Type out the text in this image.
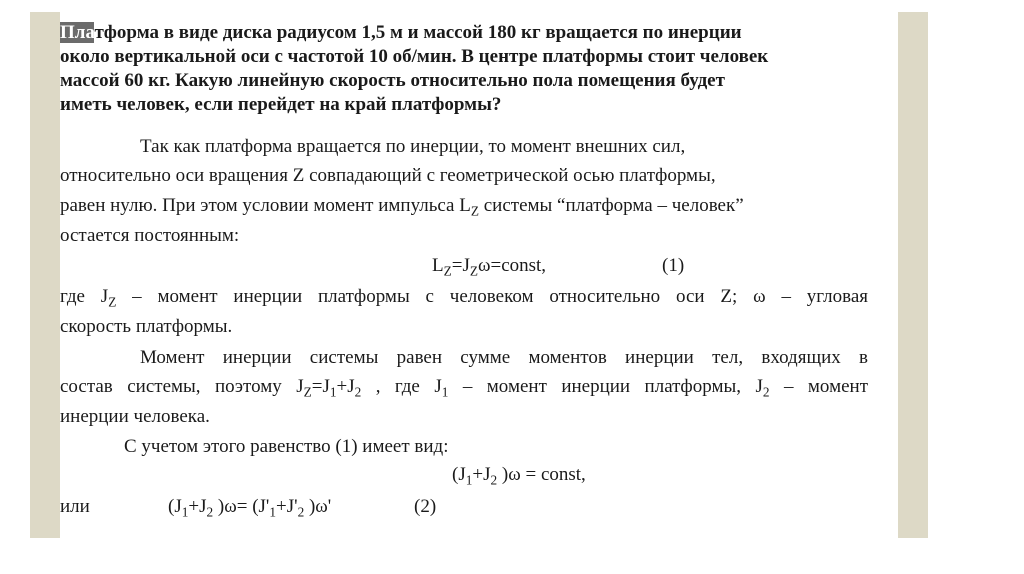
Платформа в виде диска радиусом 1,5 м и массой 180 кг вращается по инерции
около вертикальной оси с частотой 10 об/мин. В центре платформы стоит человек
массой 60 кг. Какую линейную скорость относительно пола помещения будет
иметь человек, если перейдет на край платформы?
Так как платформа вращается по инерции, то момент внешних сил,
относительно оси вращения Z совпадающий с геометрической осью платформы,
равен нулю. При этом условии момент импульса $L_Z$ системы “платформа – человек”
остается постоянным:
$L_Z=J_Z\omega=const$,	(1)
где $J_Z$ – момент инерции платформы с человеком относительно оси Z; ω – угловая
скорость платформы.
Момент инерции системы равен сумме моментов инерции тел, входящих в
состав системы, поэтому $J_Z=J_1+J_2$ , где $J_1$ – момент инерции платформы, $J_2$ – момент
инерции человека.
С учетом этого равенство (1) имеет вид:
($J_1+J_2$ )ω = const,
или	($J_1+J_2$ )$\omega= (J'_1+J'_2$ )ω'	(2)
